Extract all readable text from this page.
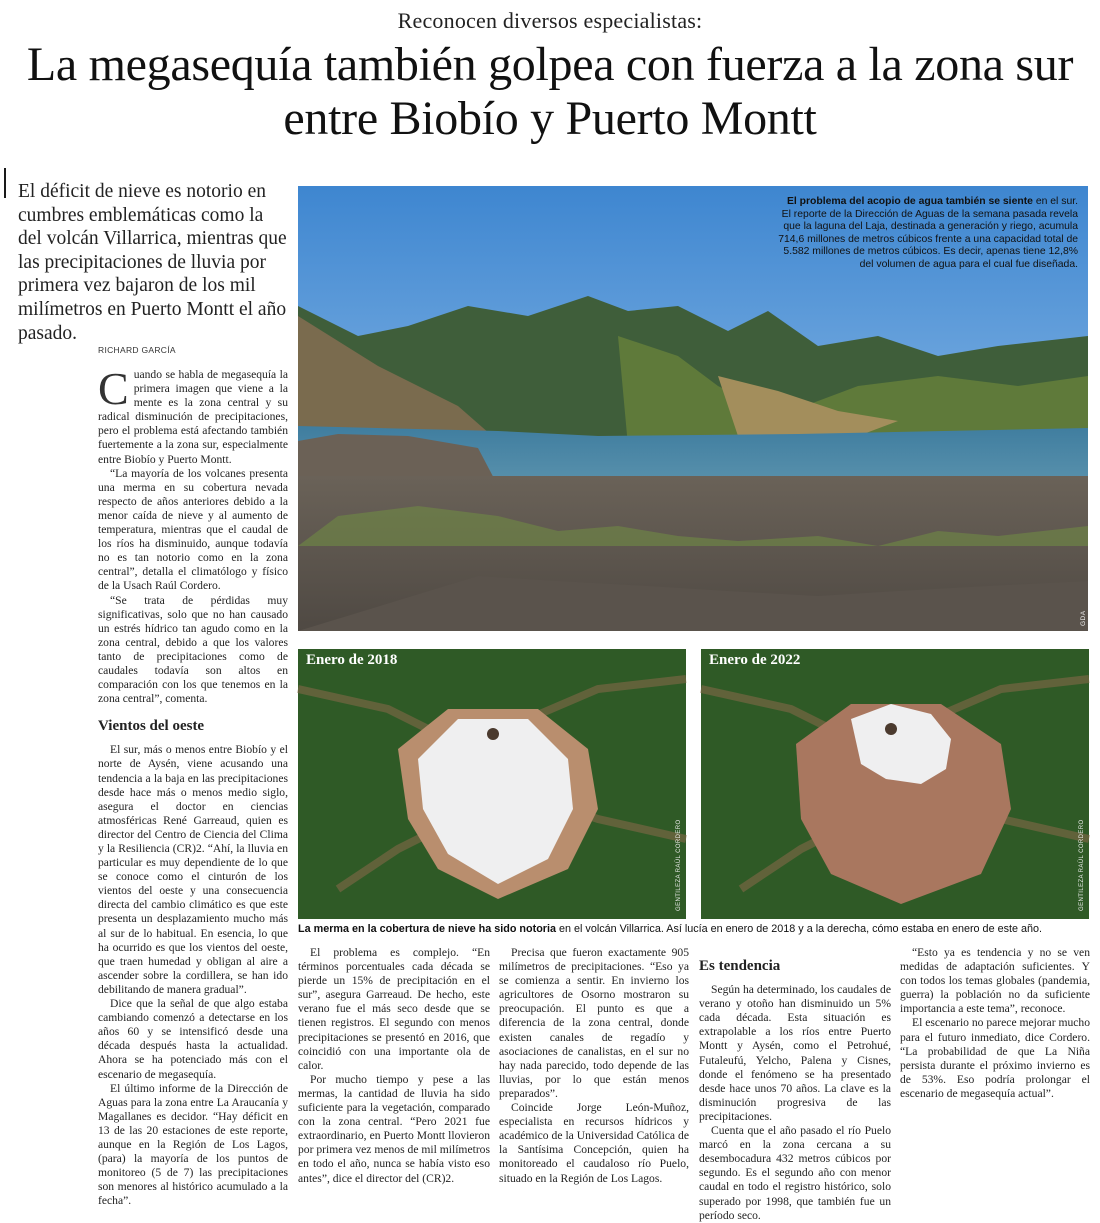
Reconocen diversos especialistas:
La megasequía también golpea con fuerza a la zona sur entre Biobío y Puerto Montt
El déficit de nieve es notorio en cumbres emblemáticas como la del volcán Villarrica, mientras que las precipitaciones de lluvia por primera vez bajaron de los mil milímetros en Puerto Montt el año pasado.
RICHARD GARCÍA
El problema del acopio de agua también se siente en el sur. El reporte de la Dirección de Aguas de la semana pasada revela que la laguna del Laja, destinada a generación y riego, acumula 714,6 millones de metros cúbicos frente a una capacidad total de 5.582 millones de metros cúbicos. Es decir, apenas tiene 12,8% del volumen de agua para el cual fue diseñada.
GDA
Enero de 2018
GENTILEZA RAÚL CORDERO
Enero de 2022
GENTILEZA RAÚL CORDERO
La merma en la cobertura de nieve ha sido notoria en el volcán Villarrica. Así lucía en enero de 2018 y a la derecha, cómo estaba en enero de este año.

Cuando se habla de megasequía la primera imagen que viene a la mente es la zona central y su radical disminución de precipitaciones, pero el problema está afectando también fuertemente a la zona sur, especialmente entre Biobío y Puerto Montt.

“La mayoría de los volcanes presenta una merma en su cobertura nevada respecto de años anteriores debido a la menor caída de nieve y al aumento de temperatura, mientras que el caudal de los ríos ha disminuido, aunque todavía no es tan notorio como en la zona central”, detalla el climatólogo y físico de la Usach Raúl Cordero.

“Se trata de pérdidas muy significativas, solo que no han causado un estrés hídrico tan agudo como en la zona central, debido a que los valores tanto de precipitaciones como de caudales todavía son altos en comparación con los que tenemos en la zona central”, comenta.

Vientos del oeste

El sur, más o menos entre Biobío y el norte de Aysén, viene acusando una tendencia a la baja en las precipitaciones desde hace más o menos medio siglo, asegura el doctor en ciencias atmosféricas René Garreaud, quien es director del Centro de Ciencia del Clima y la Resiliencia (CR)2. “Ahí, la lluvia en particular es muy dependiente de lo que se conoce como el cinturón de los vientos del oeste y una consecuencia directa del cambio climático es que este presenta un desplazamiento mucho más al sur de lo habitual. En esencia, lo que ha ocurrido es que los vientos del oeste, que traen humedad y obligan al aire a ascender sobre la cordillera, se han ido debilitando de manera gradual”.

Dice que la señal de que algo estaba cambiando comenzó a detectarse en los años 60 y se intensificó desde una década después hasta la actualidad. Ahora se ha potenciado más con el escenario de megasequía.

El último informe de la Dirección de Aguas para la zona entre La Araucanía y Magallanes es decidor. “Hay déficit en 13 de las 20 estaciones de este reporte, aunque en la Región de Los Lagos, (para) la mayoría de los puntos de monitoreo (5 de 7) las precipitaciones son menores al histórico acumulado a la fecha”.

El problema es complejo. “En términos porcentuales cada década se pierde un 15% de precipitación en el sur”, asegura Garreaud. De hecho, este verano fue el más seco desde que se tienen registros. El segundo con menos precipitaciones se presentó en 2016, que coincidió con una importante ola de calor.

Por mucho tiempo y pese a las mermas, la cantidad de lluvia ha sido suficiente para la vegetación, comparado con la zona central. “Pero 2021 fue extraordinario, en Puerto Montt llovieron por primera vez menos de mil milímetros en todo el año, nunca se había visto eso antes”, dice el director del (CR)2.

Precisa que fueron exactamente 905 milímetros de precipitaciones. “Eso ya se comienza a sentir. En invierno los agricultores de Osorno mostraron su preocupación. El punto es que a diferencia de la zona central, donde existen canales de regadío y asociaciones de canalistas, en el sur no hay nada parecido, todo depende de las lluvias, por lo que están menos preparados”.

Coincide Jorge León-Muñoz, especialista en recursos hídricos y académico de la Universidad Católica de la Santísima Concepción, quien ha monitoreado el caudaloso río Puelo, situado en la Región de Los Lagos.

Es tendencia

Según ha determinado, los caudales de verano y otoño han disminuido un 5% cada década. Esta situación es extrapolable a los ríos entre Puerto Montt y Aysén, como el Petrohué, Futaleufú, Yelcho, Palena y Cisnes, donde el fenómeno se ha presentado desde hace unos 70 años. La clave es la disminución progresiva de las precipitaciones.

Cuenta que el año pasado el río Puelo marcó en la zona cercana a su desembocadura 432 metros cúbicos por segundo. Es el segundo año con menor caudal en todo el registro histórico, solo superado por 1998, que también fue un período seco.

“Esto ya es tendencia y no se ven medidas de adaptación suficientes. Y con todos los temas globales (pandemia, guerra) la población no da suficiente importancia a este tema”, reconoce.

El escenario no parece mejorar mucho para el futuro inmediato, dice Cordero. “La probabilidad de que La Niña persista durante el próximo invierno es de 53%. Eso podría prolongar el escenario de megasequía actual”.
